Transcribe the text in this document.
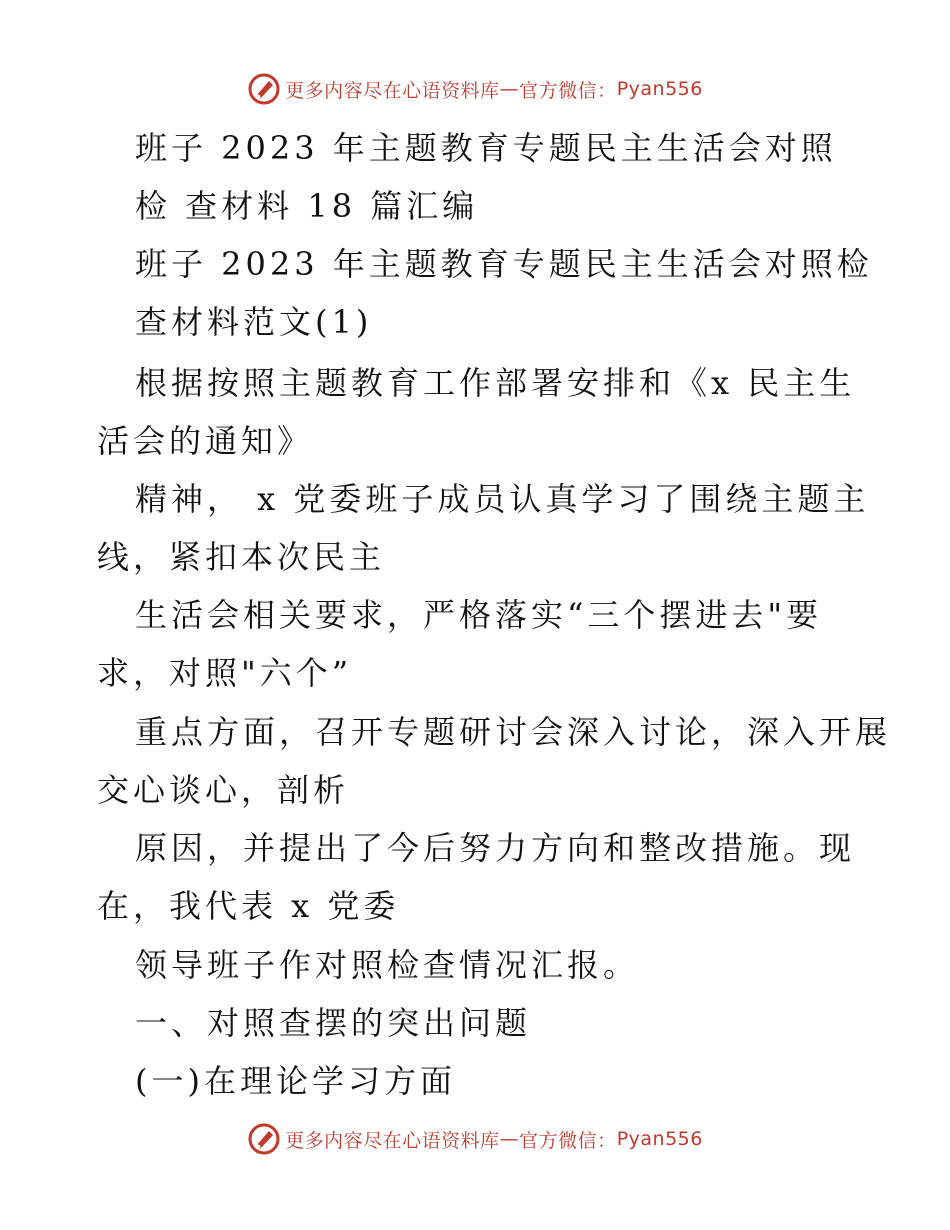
更多内容尽在心语资料库 — 官方微信： Pyan556
班子 2023 年主题教育专题民主生活会对照
检 查材料 18 篇汇编
班子 2023 年主题教育专题民主生活会对照检
查材料范文(1)
根据按照主题教育工作部署安排和《x 民主生
活会的通知》
精神， x 党委班子成员认真学习了围绕主题主
线，紧扣本次民主
生活会相关要求，严格落实“三个摆进去"要
求，对照"六个”
重点方面，召开专题研讨会深入讨论，深入开展
交心谈心，剖析
原因，并提出了今后努力方向和整改措施。现
在，我代表 x 党委
领导班子作对照检查情况汇报。
一、对照查摆的突出问题
(一)在理论学习方面
更多内容尽在心语资料库 — 官方微信： Pyan556
